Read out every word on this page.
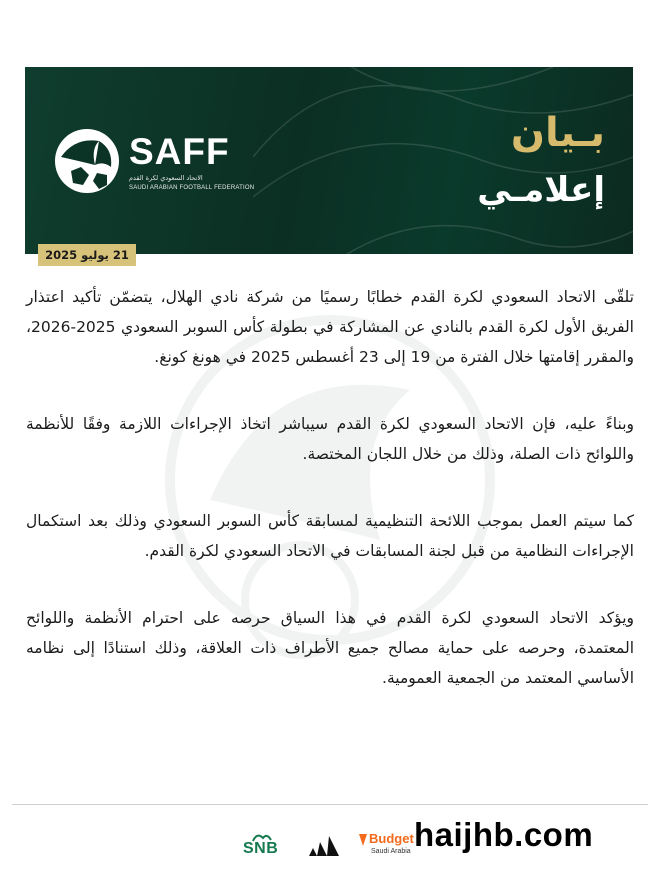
SAFF
الاتحاد السعودي لكرة القدم
SAUDI ARABIAN FOOTBALL FEDERATION
بـيان
إعلامـي
21 يوليو 2025

تلقّى الاتحاد السعودي لكرة القدم خطابًا رسميًا من شركة نادي الهلال، يتضمّن تأكيد اعتذار الفريق الأول لكرة القدم بالنادي عن المشاركة في بطولة كأس السوبر السعودي 2025-2026، والمقرر إقامتها خلال الفترة من 19 إلى 23 أغسطس 2025 في هونغ كونغ.

وبناءً عليه، فإن الاتحاد السعودي لكرة القدم سيباشر اتخاذ الإجراءات اللازمة وفقًا للأنظمة واللوائح ذات الصلة، وذلك من خلال اللجان المختصة.

كما سيتم العمل بموجب اللائحة التنظيمية لمسابقة كأس السوبر السعودي وذلك بعد استكمال الإجراءات النظامية من قبل لجنة المسابقات في الاتحاد السعودي لكرة القدم.

ويؤكد الاتحاد السعودي لكرة القدم في هذا السياق حرصه على احترام الأنظمة واللوائح المعتمدة، وحرصه على حماية مصالح جميع الأطراف ذات العلاقة، وذلك استنادًا إلى نظامه الأساسي المعتمد من الجمعية العمومية.

SNB
Budget
Saudi Arabia haijhb.com
